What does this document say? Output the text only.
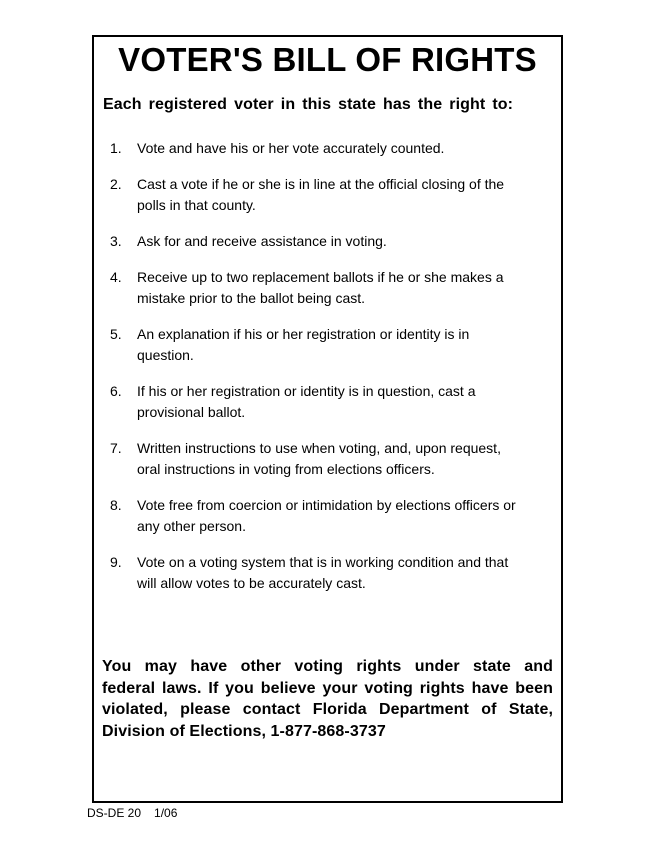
VOTER'S BILL OF RIGHTS
Each registered voter in this state has the right to:
1.	Vote and have his or her vote accurately counted.
2.	Cast a vote if he or she is in line at the official closing of the polls in that county.
3.	Ask for and receive assistance in voting.
4.	Receive up to two replacement ballots if he or she makes a mistake prior to the ballot being cast.
5.	An explanation if his or her registration or identity is in question.
6.	If his or her registration or identity is in question, cast a provisional ballot.
7.	Written instructions to use when voting, and, upon request, oral instructions in voting from elections officers.
8.	Vote free from coercion or intimidation by elections officers or any other person.
9.	Vote on a voting system that is in working condition and that will allow votes to be accurately cast.
You may have other voting rights under state and
federal laws. If you believe your voting rights have been
violated, please contact Florida Department of State,
Division of Elections, 1-877-868-3737
DS-DE 20 1/06
